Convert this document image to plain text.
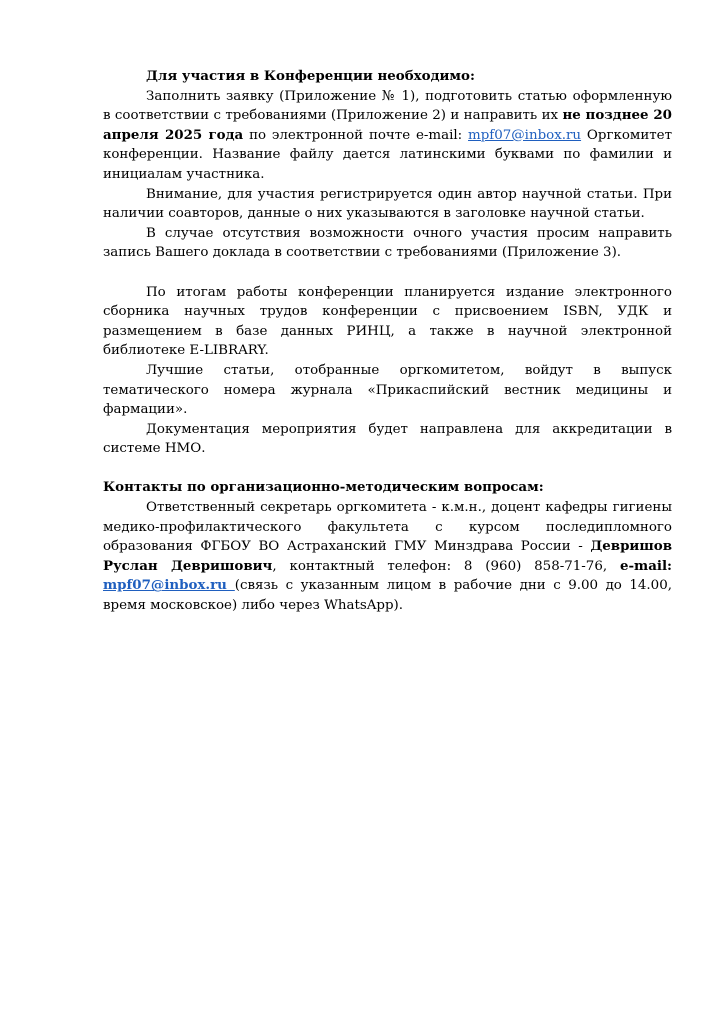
Для участия в Конференции необходимо:

Заполнить заявку (Приложение № 1), подготовить статью оформленную в соответствии с требованиями (Приложение 2) и направить их не позднее 20 апреля 2025 года по электронной почте e-mail: mpf07@inbox.ru Оргкомитет конференции. Название файлу дается латинскими буквами по фамилии и инициалам участника.

Внимание, для участия регистрируется один автор научной статьи. При наличии соавторов, данные о них указываются в заголовке научной статьи.

В случае отсутствия возможности очного участия просим направить запись Вашего доклада в соответствии с требованиями (Приложение 3).

По итогам работы конференции планируется издание электронного сборника научных трудов конференции с присвоением ISBN, УДК и размещением в базе данных РИНЦ, а также в научной электронной библиотеке E-LIBRARY.

Лучшие статьи, отобранные оргкомитетом, войдут в выпуск тематического номера журнала «Прикаспийский вестник медицины и фармации».

Документация мероприятия будет направлена для аккредитации в системе НМО.

Контакты по организационно-методическим вопросам:

Ответственный секретарь оргкомитета - к.м.н., доцент кафедры гигиены медико-профилактического факультета с курсом последипломного образования ФГБОУ ВО Астраханский ГМУ Минздрава России - Девришов Руслан Девришович, контактный телефон: 8 (960) 858-71-76, e-mail: mpf07@inbox.ru (связь с указанным лицом в рабочие дни с 9.00 до 14.00, время московское) либо через WhatsApp).
